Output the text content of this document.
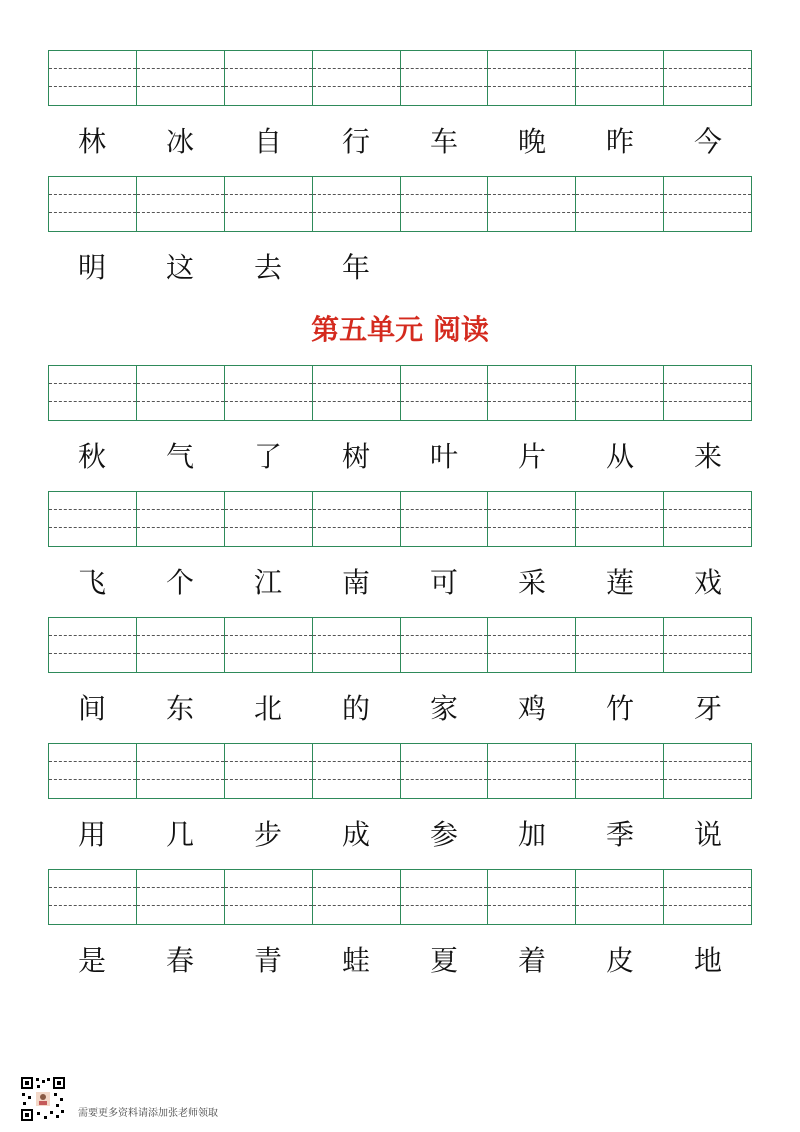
林	冰	自	行	车	晚	昨	今
明	这	去	年
第五单元 阅读
秋	气	了	树	叶	片	从	来
飞	个	江	南	可	采	莲	戏
间	东	北	的	家	鸡	竹	牙
用	几	步	成	参	加	季	说
是	春	青	蛙	夏	着	皮	地
需要更多资料请添加张老师领取
